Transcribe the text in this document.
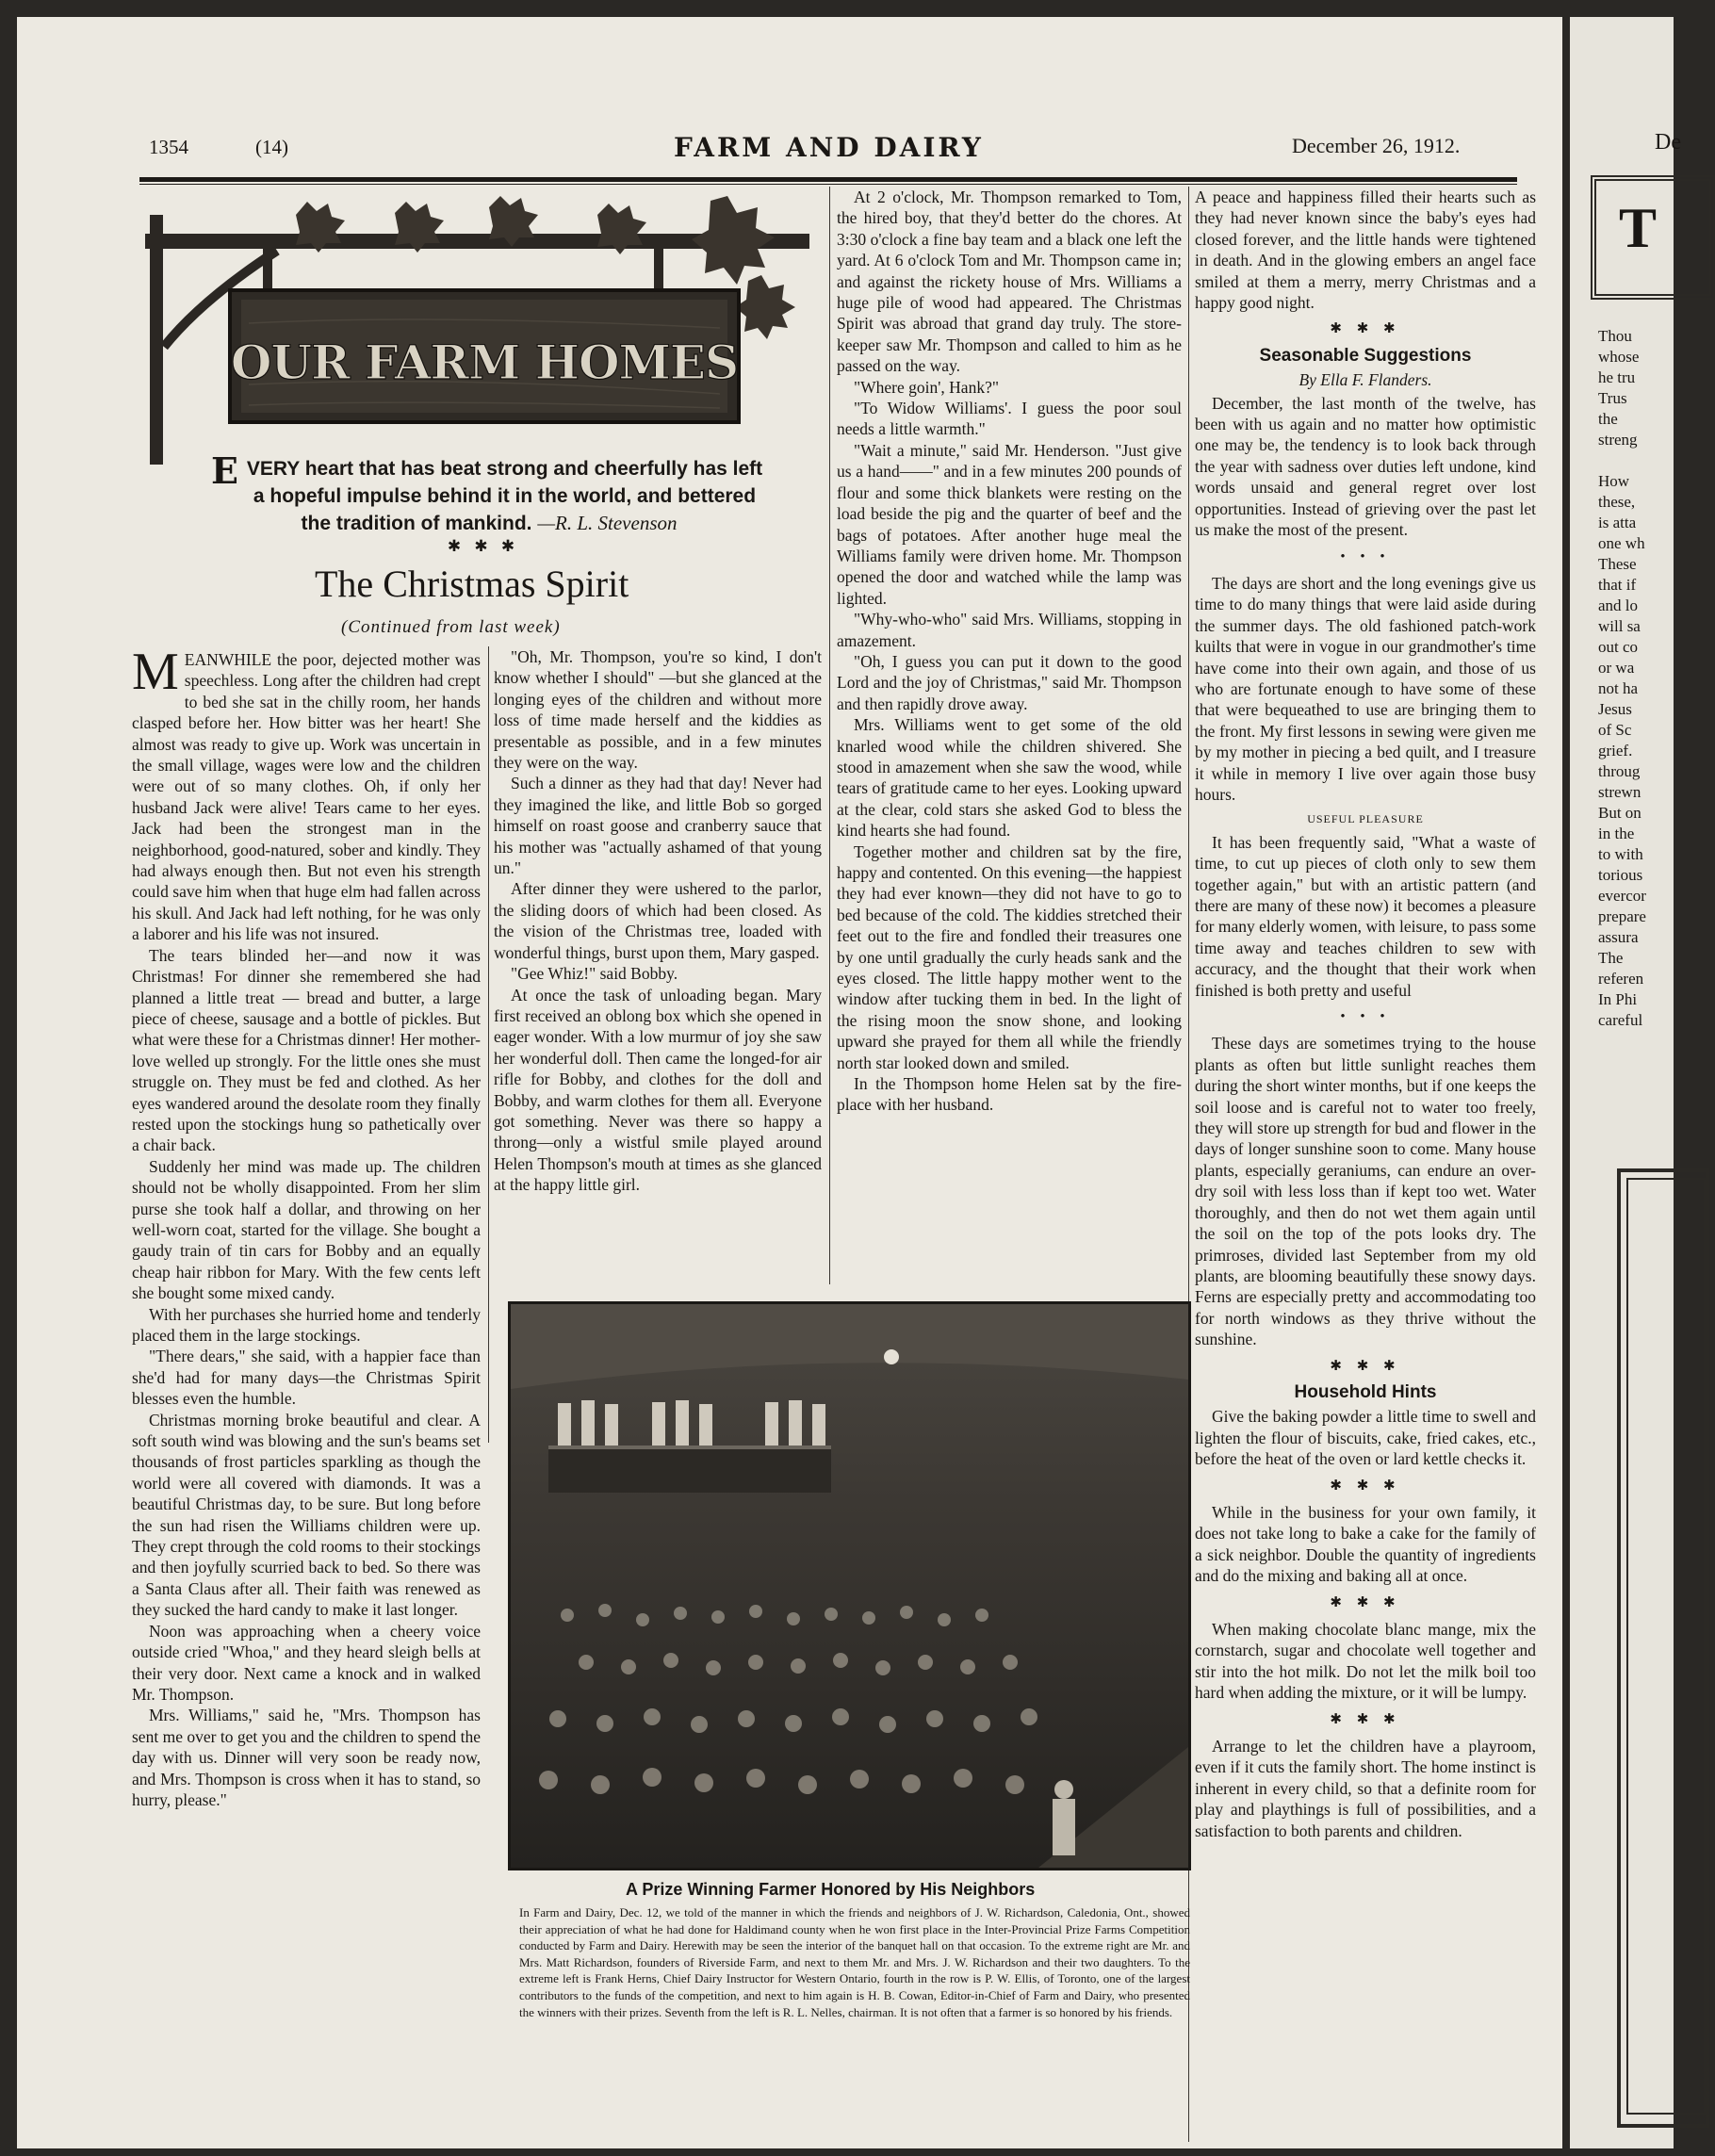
1354	(14)	FARM AND DAIRY	December 26, 1912.
OUR FARM HOMES
EVERY heart that has beat strong and cheerfully has left a hopeful impulse behind it in the world, and bettered the tradition of mankind. —R. L. Stevenson
✱ ✱ ✱
The Christmas Spirit
(Continued from last week)

MEANWHILE the poor, dejected mother was speechless. Long after the children had crept to bed she sat in the chilly room, her hands clasped before her. How bitter was her heart! She almost was ready to give up. Work was uncertain in the small village, wages were low and the children were out of so many clothes. Oh, if only her husband Jack were alive! Tears came to her eyes. Jack had been the strongest man in the neighborhood, good-natured, sober and kindly. They had always enough then. But not even his strength could save him when that huge elm had fallen across his skull. And Jack had left nothing, for he was only a laborer and his life was not insured.

The tears blinded her—and now it was Christmas! For dinner she remembered she had planned a little treat — bread and butter, a large piece of cheese, sausage and a bottle of pickles. But what were these for a Christmas dinner! Her mother-love welled up strongly. For the little ones she must struggle on. They must be fed and clothed. As her eyes wandered around the desolate room they finally rested upon the stockings hung so pathetically over a chair back.

Suddenly her mind was made up. The children should not be wholly disappointed. From her slim purse she took half a dollar, and throwing on her well-worn coat, started for the village. She bought a gaudy train of tin cars for Bobby and an equally cheap hair ribbon for Mary. With the few cents left she bought some mixed candy.

With her purchases she hurried home and tenderly placed them in the large stockings.

"There dears," she said, with a happier face than she'd had for many days—the Christmas Spirit blesses even the humble.

Christmas morning broke beautiful and clear. A soft south wind was blowing and the sun's beams set thousands of frost particles sparkling as though the world were all covered with diamonds. It was a beautiful Christmas day, to be sure. But long before the sun had risen the Williams children were up. They crept through the cold rooms to their stockings and then joyfully scurried back to bed. So there was a Santa Claus after all. Their faith was renewed as they sucked the hard candy to make it last longer.

Noon was approaching when a cheery voice outside cried "Whoa," and they heard sleigh bells at their very door. Next came a knock and in walked Mr. Thompson.

Mrs. Williams," said he, "Mrs. Thompson has sent me over to get you and the children to spend the day with us. Dinner will very soon be ready now, and Mrs. Thompson is cross when it has to stand, so hurry, please."

"Oh, Mr. Thompson, you're so kind, I don't know whether I should" —but she glanced at the longing eyes of the children and without more loss of time made herself and the kiddies as presentable as possible, and in a few minutes they were on the way.

Such a dinner as they had that day! Never had they imagined the like, and little Bob so gorged himself on roast goose and cranberry sauce that his mother was "actually ashamed of that young un."

After dinner they were ushered to the parlor, the sliding doors of which had been closed. As the vision of the Christmas tree, loaded with wonderful things, burst upon them, Mary gasped.

"Gee Whiz!" said Bobby.

At once the task of unloading began. Mary first received an oblong box which she opened in eager wonder. With a low murmur of joy she saw her wonderful doll. Then came the longed-for air rifle for Bobby, and clothes for the doll and Bobby, and warm clothes for them all. Everyone got something. Never was there so happy a throng—only a wistful smile played around Helen Thompson's mouth at times as she glanced at the happy little girl.

At 2 o'clock, Mr. Thompson remarked to Tom, the hired boy, that they'd better do the chores. At 3:30 o'clock a fine bay team and a black one left the yard. At 6 o'clock Tom and Mr. Thompson came in; and against the rickety house of Mrs. Williams a huge pile of wood had appeared. The Christmas Spirit was abroad that grand day truly. The store-keeper saw Mr. Thompson and called to him as he passed on the way.

"Where goin', Hank?"

"To Widow Williams'. I guess the poor soul needs a little warmth."

"Wait a minute," said Mr. Henderson. "Just give us a hand——" and in a few minutes 200 pounds of flour and some thick blankets were resting on the load beside the pig and the quarter of beef and the bags of potatoes. After another huge meal the Williams family were driven home. Mr. Thompson opened the door and watched while the lamp was lighted.

"Why-who-who" said Mrs. Williams, stopping in amazement.

"Oh, I guess you can put it down to the good Lord and the joy of Christmas," said Mr. Thompson and then rapidly drove away.

Mrs. Williams went to get some of the old knarled wood while the children shivered. She stood in amazement when she saw the wood, while tears of gratitude came to her eyes. Looking upward at the clear, cold stars she asked God to bless the kind hearts she had found.

Together mother and children sat by the fire, happy and contented. On this evening—the happiest they had ever known—they did not have to go to bed because of the cold. The kiddies stretched their feet out to the fire and fondled their treasures one by one until gradually the curly heads sank and the eyes closed. The little happy mother went to the window after tucking them in bed. In the light of the rising moon the snow shone, and looking upward she prayed for them all while the friendly north star looked down and smiled.

In the Thompson home Helen sat by the fire-place with her husband.

A peace and happiness filled their hearts such as they had never known since the baby's eyes had closed forever, and the little hands were tightened in death. And in the glowing embers an angel face smiled at them a merry, merry Christmas and a happy good night.

✱ ✱ ✱
Seasonable Suggestions
By Ella F. Flanders.

December, the last month of the twelve, has been with us again and no matter how optimistic one may be, the tendency is to look back through the year with sadness over duties left undone, kind words unsaid and general regret over lost opportunities. Instead of grieving over the past let us make the most of the present.

• • •

The days are short and the long evenings give us time to do many things that were laid aside during the summer days. The old fashioned patch-work kuilts that were in vogue in our grandmother's time have come into their own again, and those of us who are fortunate enough to have some of these that were bequeathed to use are bringing them to the front. My first lessons in sewing were given me by my mother in piecing a bed quilt, and I treasure it while in memory I live over again those busy hours.

USEFUL PLEASURE

It has been frequently said, "What a waste of time, to cut up pieces of cloth only to sew them together again," but with an artistic pattern (and there are many of these now) it becomes a pleasure for many elderly women, with leisure, to pass some time away and teaches children to sew with accuracy, and the thought that their work when finished is both pretty and useful

• • •

These days are sometimes trying to the house plants as often but little sunlight reaches them during the short winter months, but if one keeps the soil loose and is careful not to water too freely, they will store up strength for bud and flower in the days of longer sunshine soon to come. Many house plants, especially geraniums, can endure an over-dry soil with less loss than if kept too wet. Water thoroughly, and then do not wet them again until the soil on the top of the pots looks dry. The primroses, divided last September from my old plants, are blooming beautifully these snowy days. Ferns are especially pretty and accommodating too for north windows as they thrive without the sunshine.

✱ ✱ ✱
Household Hints

Give the baking powder a little time to swell and lighten the flour of biscuits, cake, fried cakes, etc., before the heat of the oven or lard kettle checks it.

✱ ✱ ✱

While in the business for your own family, it does not take long to bake a cake for the family of a sick neighbor. Double the quantity of ingredients and do the mixing and baking all at once.

✱ ✱ ✱

When making chocolate blanc mange, mix the cornstarch, sugar and chocolate well together and stir into the hot milk. Do not let the milk boil too hard when adding the mixture, or it will be lumpy.

✱ ✱ ✱

Arrange to let the children have a playroom, even if it cuts the family short. The home instinct is inherent in every child, so that a definite room for play and playthings is full of possibilities, and a satisfaction to both parents and children.

A Prize Winning Farmer Honored by His Neighbors
In Farm and Dairy, Dec. 12, we told of the manner in which the friends and neighbors of J. W. Richardson, Caledonia, Ont., showed their appreciation of what he had done for Haldimand county when he won first place in the Inter-Provincial Prize Farms Competition conducted by Farm and Dairy. Herewith may be seen the interior of the banquet hall on that occasion. To the extreme right are Mr. and Mrs. Matt Richardson, founders of Riverside Farm, and next to them Mr. and Mrs. J. W. Richardson and their two daughters. To the extreme left is Frank Herns, Chief Dairy Instructor for Western Ontario, fourth in the row is P. W. Ellis, of Toronto, one of the largest contributors to the funds of the competition, and next to him again is H. B. Cowan, Editor-in-Chief of Farm and Dairy, who presented the winners with their prizes. Seventh from the left is R. L. Nelles, chairman. It is not often that a farmer is so honored by his friends.
De
T
Thou
whose
he tru
Trus
the
streng

How
these,
is atta
one wh
These
that if
and lo
will sa
out co
or wa
not ha
Jesus
of Sc
grief.
throug
strewn
But on
in the
to with
torious
evercor
prepare
assura
The
referen
In Phi
careful
